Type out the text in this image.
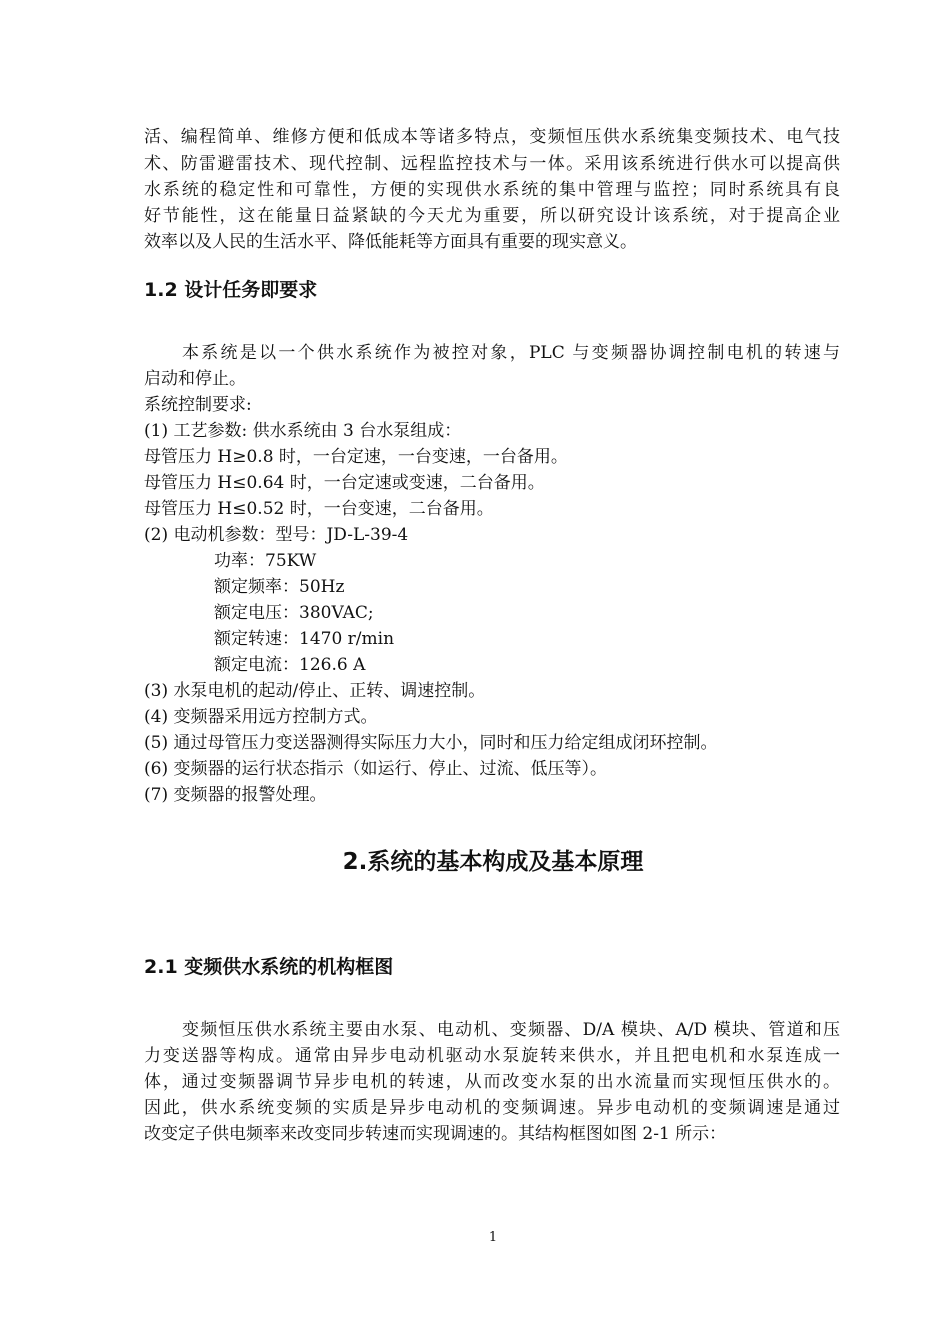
活、编程简单、维修方便和低成本等诸多特点，变频恒压供水系统集变频技术、电气技
术、防雷避雷技术、现代控制、远程监控技术与一体。采用该系统进行供水可以提高供
水系统的稳定性和可靠性，方便的实现供水系统的集中管理与监控；同时系统具有良
好节能性，这在能量日益紧缺的今天尤为重要，所以研究设计该系统，对于提高企业
效率以及人民的生活水平、降低能耗等方面具有重要的现实意义。
1.2 设计任务即要求
本系统是以一个供水系统作为被控对象，PLC 与变频器协调控制电机的转速与
启动和停止。
系统控制要求:
(1) 工艺参数: 供水系统由 3 台水泵组成：
母管压力 H≥0.8 时，一台定速，一台变速，一台备用。
母管压力 H≤0.64 时，一台定速或变速，二台备用。
母管压力 H≤0.52 时，一台变速，二台备用。
(2) 电动机参数：型号：JD-L-39-4
功率：75KW
额定频率：50Hz
额定电压：380VAC;
额定转速：1470 r/min
额定电流：126.6 A
(3) 水泵电机的起动/停止、正转、调速控制。
(4) 变频器采用远方控制方式。
(5) 通过母管压力变送器测得实际压力大小，同时和压力给定组成闭环控制。
(6) 变频器的运行状态指示（如运行、停止、过流、低压等）。
(7) 变频器的报警处理。
2.系统的基本构成及基本原理
2.1 变频供水系统的机构框图
变频恒压供水系统主要由水泵、电动机、变频器、D/A 模块、A/D 模块、管道和压
力变送器等构成。通常由异步电动机驱动水泵旋转来供水，并且把电机和水泵连成一
体，通过变频器调节异步电机的转速，从而改变水泵的出水流量而实现恒压供水的。
因此，供水系统变频的实质是异步电动机的变频调速。异步电动机的变频调速是通过
改变定子供电频率来改变同步转速而实现调速的。其结构框图如图 2-1 所示：
1
